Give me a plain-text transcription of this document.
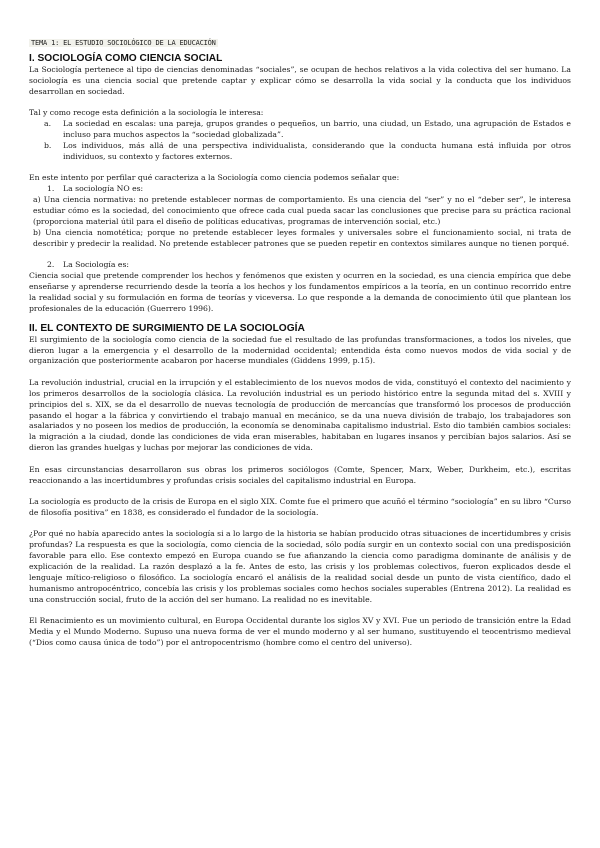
TEMA 1: EL ESTUDIO SOCIOLÓGICO DE LA EDUCACIÓN
I. SOCIOLOGÍA COMO CIENCIA SOCIAL

La Sociología pertenece al tipo de ciencias denominadas “sociales”, se ocupan de hechos relativos a la vida colectiva del ser humano. La sociología es una ciencia social que pretende captar y explicar cómo se desarrolla la vida social y la conducta que los individuos desarrollan en sociedad.

Tal y como recoge esta definición a la sociología le interesa:

a.	La sociedad en escalas: una pareja, grupos grandes o pequeños, un barrio, una ciudad, un Estado, una agrupación de Estados e incluso para muchos aspectos la “sociedad globalizada”.
b.	Los individuos, más allá de una perspectiva individualista, considerando que la conducta humana está influida por otros individuos, su contexto y factores externos.

En este intento por perfilar qué caracteriza a la Sociología como ciencia podemos señalar que:

1.	La sociología NO es:

a) Una ciencia normativa: no pretende establecer normas de comportamiento. Es una ciencia del “ser” y no el “deber ser”, le interesa estudiar cómo es la sociedad, del conocimiento que ofrece cada cual pueda sacar las conclusiones que precise para su práctica racional (proporciona material útil para el diseño de políticas educativas, programas de intervención social, etc.)

b) Una ciencia nomotética; porque no pretende establecer leyes formales y universales sobre el funcionamiento social, ni trata de describir y predecir la realidad. No pretende establecer patrones que se pueden repetir en contextos similares aunque no tienen porqué.

2.	La Sociología es:

Ciencia social que pretende comprender los hechos y fenómenos que existen y ocurren en la sociedad, es una ciencia empírica que debe enseñarse y aprenderse recurriendo desde la teoría a los hechos y los fundamentos empíricos a la teoría, en un continuo recorrido entre la realidad social y su formulación en forma de teorías y viceversa. Lo que responde a la demanda de conocimiento útil que plantean los profesionales de la educación (Guerrero 1996).

II. EL CONTEXTO DE SURGIMIENTO DE LA SOCIOLOGÍA

El surgimiento de la sociología como ciencia de la sociedad fue el resultado de las profundas transformaciones, a todos los niveles, que dieron lugar a la emergencia y el desarrollo de la modernidad occidental; entendida ésta como nuevos modos de vida social y de organización que posteriormente acabaron por hacerse mundiales (Giddens 1999, p.15).

La revolución industrial, crucial en la irrupción y el establecimiento de los nuevos modos de vida, constituyó el contexto del nacimiento y los primeros desarrollos de la sociología clásica. La revolución industrial es un periodo histórico entre la segunda mitad del s. XVIII y principios del s. XIX, se da el desarrollo de nuevas tecnología de producción de mercancías que transformó los procesos de producción pasando el hogar a la fábrica y convirtiendo el trabajo manual en mecánico, se da una nueva división de trabajo, los trabajadores son asalariados y no poseen los medios de producción, la economía se denominaba capitalismo industrial. Esto dio también cambios sociales: la migración a la ciudad, donde las condiciones de vida eran miserables, habitaban en lugares insanos y percibían bajos salarios. Así se dieron las grandes huelgas y luchas por mejorar las condiciones de vida.

En esas circunstancias desarrollaron sus obras los primeros sociólogos (Comte, Spencer, Marx, Weber, Durkheim, etc.), escritas reaccionando a las incertidumbres y profundas crisis sociales del capitalismo industrial en Europa.

La sociología es producto de la crisis de Europa en el siglo XIX. Comte fue el primero que acuñó el término “sociología” en su libro “Curso de filosofía positiva” en 1838, es considerado el fundador de la sociología.

¿Por qué no había aparecido antes la sociología si a lo largo de la historia se habían producido otras situaciones de incertidumbres y crisis profundas? La respuesta es que la sociología, como ciencia de la sociedad, sólo podía surgir en un contexto social con una predisposición favorable para ello. Ese contexto empezó en Europa cuando se fue afianzando la ciencia como paradigma dominante de análisis y de explicación de la realidad. La razón desplazó a la fe. Antes de esto, las crisis y los problemas colectivos, fueron explicados desde el lenguaje mítico-religioso o filosófico. La sociología encaró el análisis de la realidad social desde un punto de vista científico, dado el humanismo antropocéntrico, concebía las crisis y los problemas sociales como hechos sociales superables (Entrena 2012). La realidad es una construcción social, fruto de la acción del ser humano. La realidad no es inevitable.

El Renacimiento es un movimiento cultural, en Europa Occidental durante los siglos XV y XVI. Fue un periodo de transición entre la Edad Media y el Mundo Moderno. Supuso una nueva forma de ver el mundo moderno y al ser humano, sustituyendo el teocentrismo medieval (“Dios como causa única de todo”) por el antropocentrismo (hombre como el centro del universo).
